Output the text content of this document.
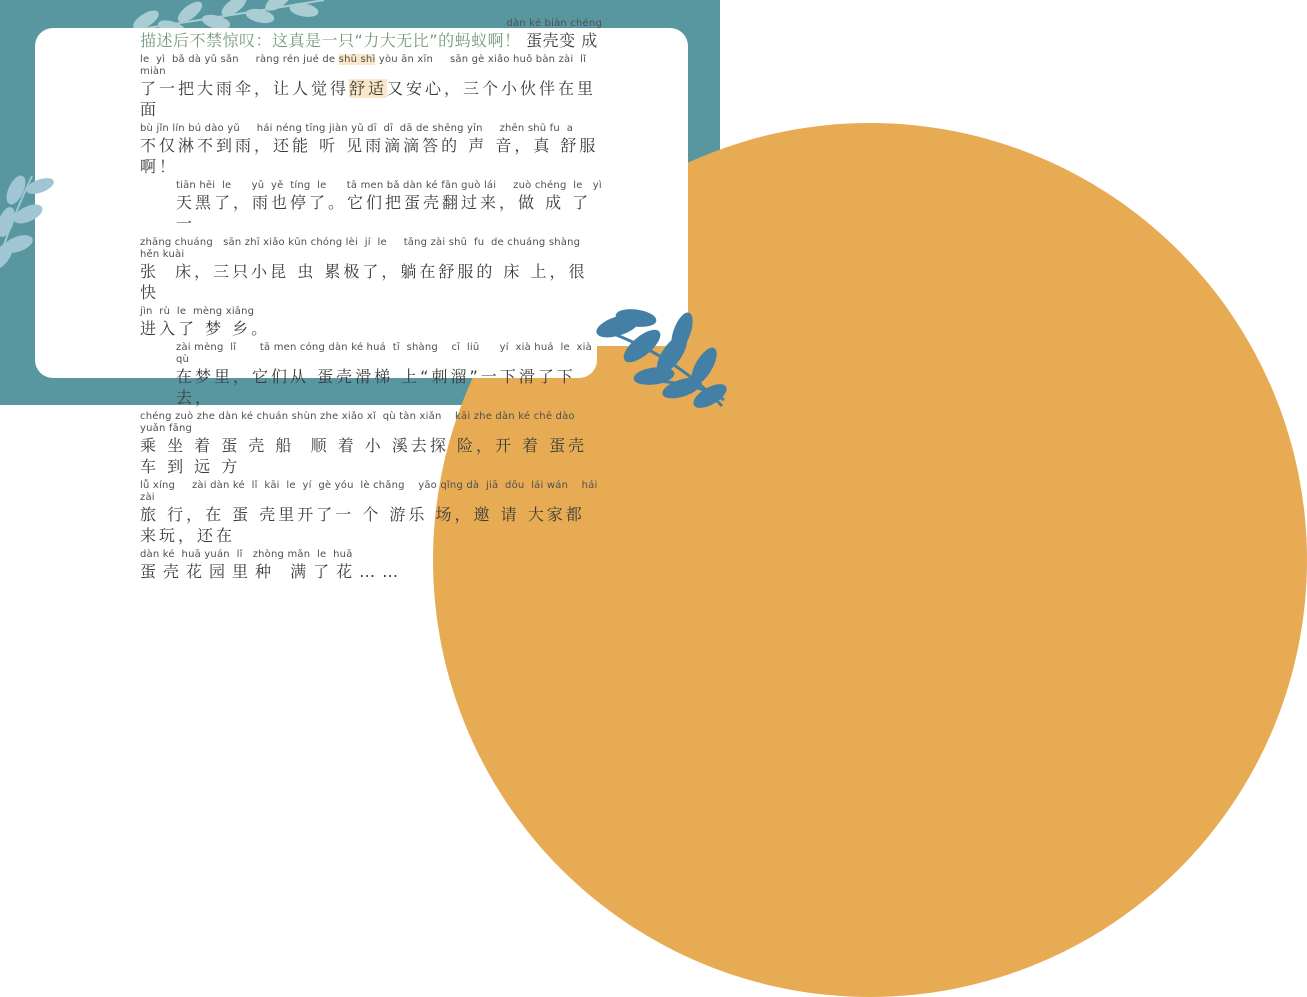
dàn ké biàn chéng
描述后不禁惊叹：这真是一只“力大无比”的蚂蚁啊！ 蛋壳变 成
le  yì  bǎ dà yǔ sǎn     ràng rén jué de shū shì yòu ān xīn     sān gè xiǎo huǒ bàn zài  lǐ  miàn
了一把大雨伞，让人觉得舒适又安心，三个小伙伴在里面
bù jǐn lín bú dào yǔ     hái néng tīng jiàn yǔ dī  dī  dā de shēng yīn     zhēn shū fu  a
不仅淋不到雨，还能 听 见雨滴滴答的 声 音，真 舒服啊！
tiān hēi  le      yǔ  yě  tíng  le      tā men bǎ dàn ké fān guò lái     zuò chéng  le   yì
天黑了，雨也停了。它们把蛋壳翻过来，做 成 了一
zhāng chuáng   sān zhī xiǎo kūn chóng lèi  jí  le     tǎng zài shū  fu  de chuáng shàng    hěn kuài
张  床，三只小昆 虫 累极了，躺在舒服的 床 上，很 快
jìn  rù  le  mèng xiāng
进入了 梦 乡。
zài mèng  lǐ       tā men cóng dàn ké huá  tī  shàng    cī  liū      yí  xià huá  le  xià  qù
在梦里，它们从 蛋壳滑梯 上“刺溜”一下滑了下去，
chéng zuò zhe dàn ké chuán shùn zhe xiǎo xǐ  qù tàn xiǎn    kāi zhe dàn ké chē dào yuǎn fāng
乘 坐 着 蛋 壳 船  顺 着 小 溪去探 险，开 着 蛋壳车 到 远 方
lǚ xíng     zài dàn ké  lǐ  kāi  le  yí  gè yóu  lè chǎng    yāo qǐng dà  jiā  dōu  lái wán    hái zài
旅 行，在 蛋 壳里开了一 个 游乐 场，邀 请 大家都来玩，还在
dàn ké  huā yuán  lǐ   zhòng mǎn  le  huā
蛋壳花园里种 满了花……
